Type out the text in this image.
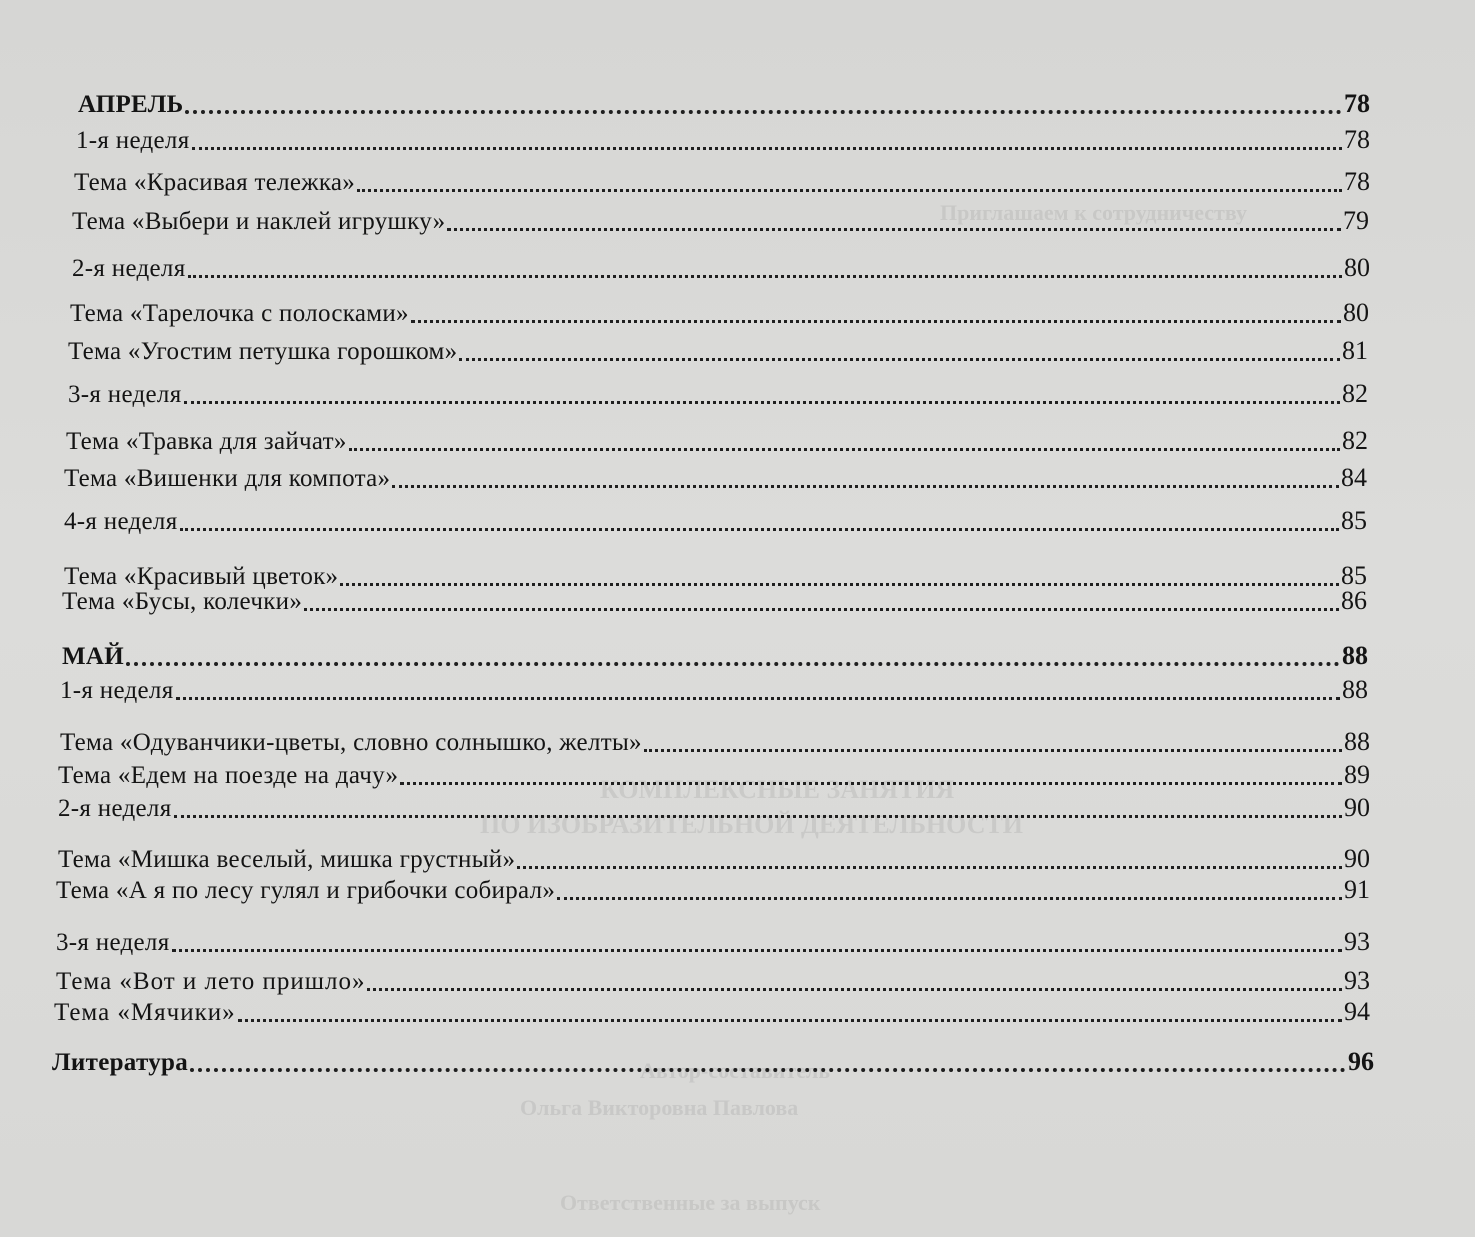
Приглашаем к сотрудничеству
КОМПЛЕКСНЫЕ ЗАНЯТИЯ
ПО ИЗОБРАЗИТЕЛЬНОЙ ДЕЯТЕЛЬНОСТИ
Автор-составитель
Ольга Викторовна Павлова
Ответственные за выпуск
АПРЕЛЬ	78
1-я неделя	78
Тема «Красивая тележка»	78
Тема «Выбери и наклей игрушку»	79
2-я неделя	80
Тема «Тарелочка с полосками»	80
Тема «Угостим петушка горошком»	81
3-я неделя	82
Тема «Травка для зайчат»	82
Тема «Вишенки для компота»	84
4-я неделя	85
Тема «Красивый цветок»	85
Тема «Бусы, колечки»	86
МАЙ	88
1-я неделя	88
Тема «Одуванчики-цветы, словно солнышко, желты»	88
Тема «Едем на поезде на дачу»	89
2-я неделя	90
Тема «Мишка веселый, мишка грустный»	90
Тема «А я по лесу гулял и грибочки собирал»	91
3-я неделя	93
Тема «Вот и лето пришло»	93
Тема «Мячики»	94
Литература	96
